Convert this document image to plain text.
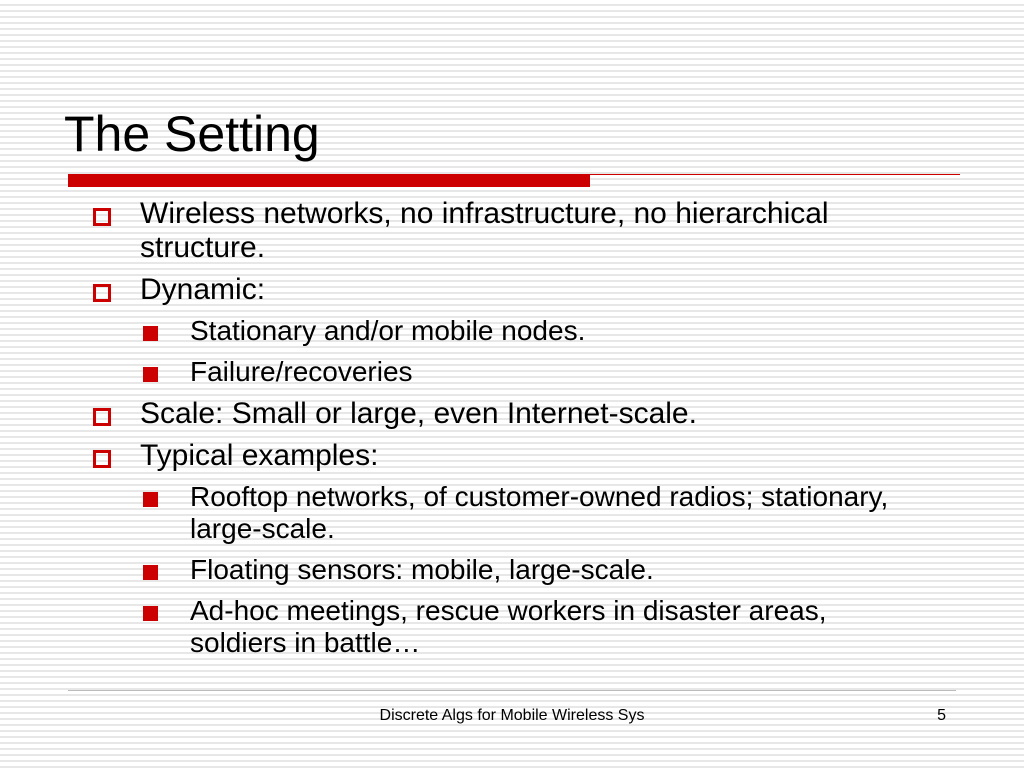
The Setting
Wireless networks, no infrastructure, no hierarchical structure.
Dynamic:
Stationary and/or mobile nodes.
Failure/recoveries
Scale: Small or large, even Internet-scale.
Typical examples:
Rooftop networks, of customer-owned radios; stationary, large-scale.
Floating sensors: mobile, large-scale.
Ad-hoc meetings, rescue workers in disaster areas, soldiers in battle…
Discrete Algs for Mobile Wireless Sys	5
